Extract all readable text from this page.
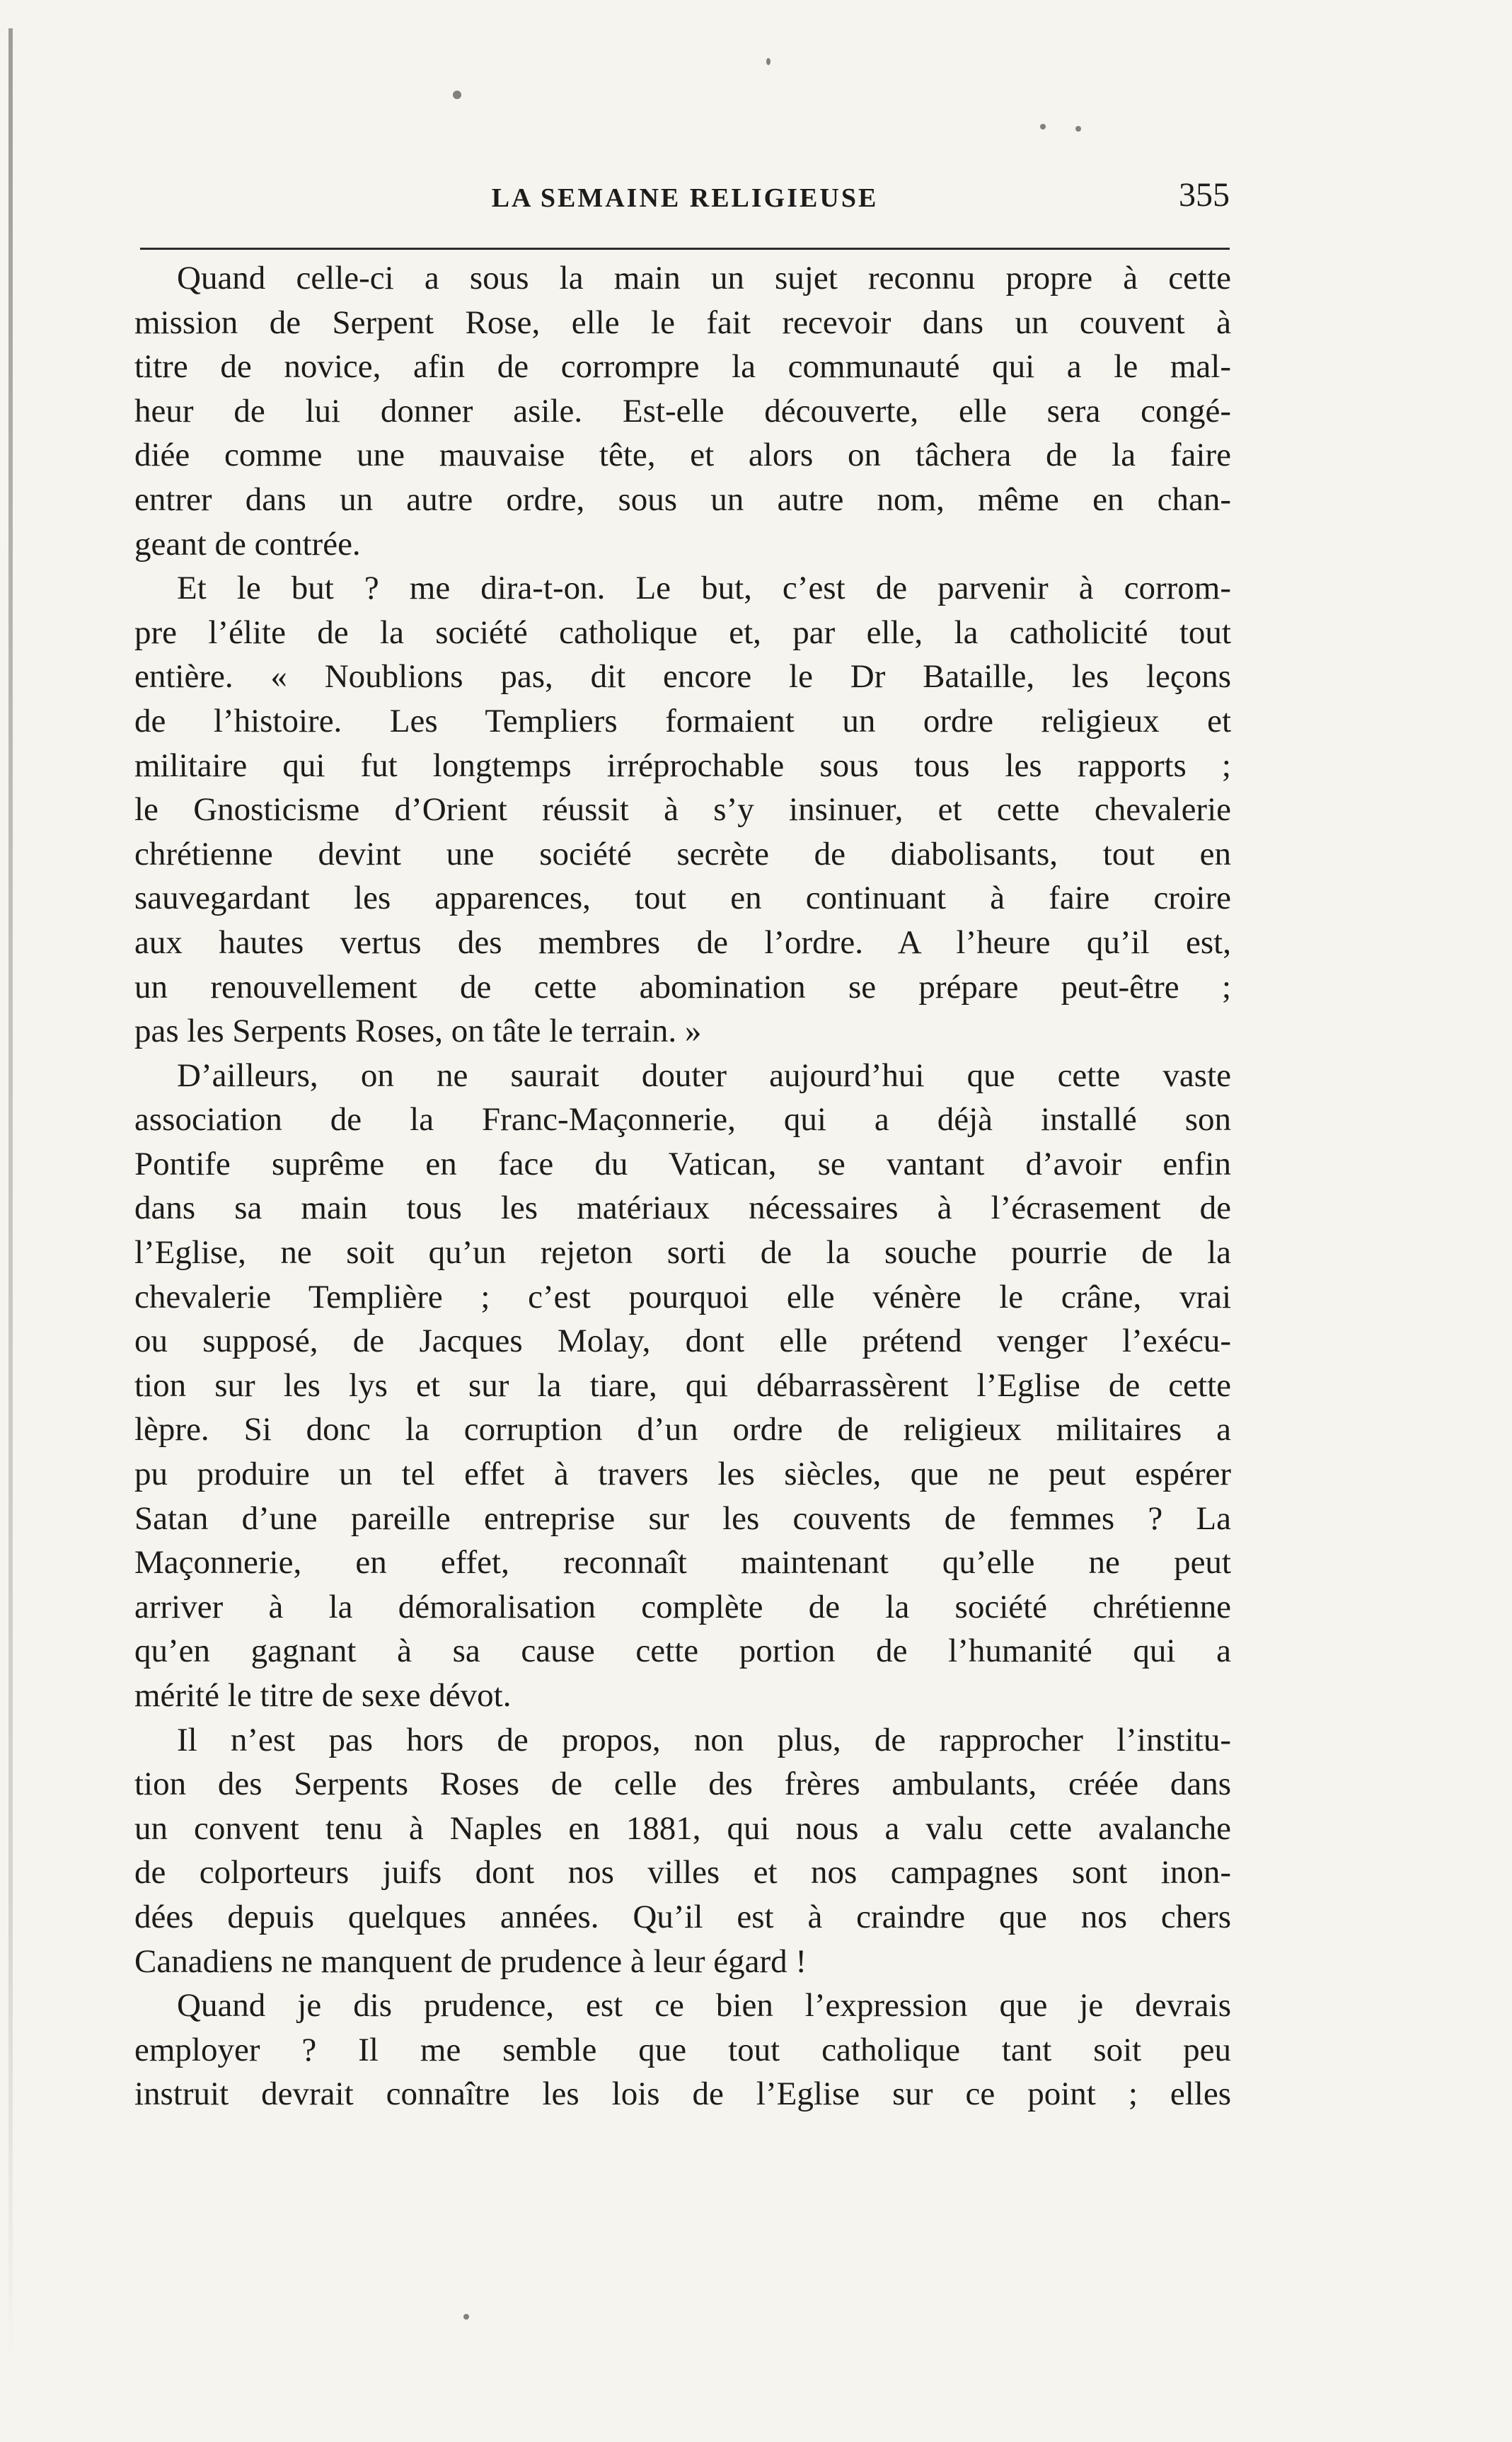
LA SEMAINE RELIGIEUSE	355
Quand celle-ci a sous la main un sujet reconnu propre à cette
mission de Serpent Rose, elle le fait recevoir dans un couvent à
titre de novice, afin de corrompre la communauté qui a le mal-
heur de lui donner asile. Est-elle découverte, elle sera congé-
diée comme une mauvaise tête, et alors on tâchera de la faire
entrer dans un autre ordre, sous un autre nom, même en chan-
geant de contrée.
Et le but ? me dira-t-on. Le but, c’est de parvenir à corrom-
pre l’élite de la société catholique et, par elle, la catholicité tout
entière. « Noublions pas, dit encore le Dr Bataille, les leçons
de l’histoire. Les Templiers formaient un ordre religieux et
militaire qui fut longtemps irréprochable sous tous les rapports ;
le Gnosticisme d’Orient réussit à s’y insinuer, et cette chevalerie
chrétienne devint une société secrète de diabolisants, tout en
sauvegardant les apparences, tout en continuant à faire croire
aux hautes vertus des membres de l’ordre. A l’heure qu’il est,
un renouvellement de cette abomination se prépare peut-être ;
pas les Serpents Roses, on tâte le terrain. »
D’ailleurs, on ne saurait douter aujourd’hui que cette vaste
association de la Franc-Maçonnerie, qui a déjà installé son
Pontife suprême en face du Vatican, se vantant d’avoir enfin
dans sa main tous les matériaux nécessaires à l’écrasement de
l’Eglise, ne soit qu’un rejeton sorti de la souche pourrie de la
chevalerie Templière ; c’est pourquoi elle vénère le crâne, vrai
ou supposé, de Jacques Molay, dont elle prétend venger l’exécu-
tion sur les lys et sur la tiare, qui débarrassèrent l’Eglise de cette
lèpre. Si donc la corruption d’un ordre de religieux militaires a
pu produire un tel effet à travers les siècles, que ne peut espérer
Satan d’une pareille entreprise sur les couvents de femmes ? La
Maçonnerie, en effet, reconnaît maintenant qu’elle ne peut
arriver à la démoralisation complète de la société chrétienne
qu’en gagnant à sa cause cette portion de l’humanité qui a
mérité le titre de sexe dévot.
Il n’est pas hors de propos, non plus, de rapprocher l’institu-
tion des Serpents Roses de celle des frères ambulants, créée dans
un convent tenu à Naples en 1881, qui nous a valu cette avalanche
de colporteurs juifs dont nos villes et nos campagnes sont inon-
dées depuis quelques années. Qu’il est à craindre que nos chers
Canadiens ne manquent de prudence à leur égard !
Quand je dis prudence, est ce bien l’expression que je devrais
employer ? Il me semble que tout catholique tant soit peu
instruit devrait connaître les lois de l’Eglise sur ce point ; elles
